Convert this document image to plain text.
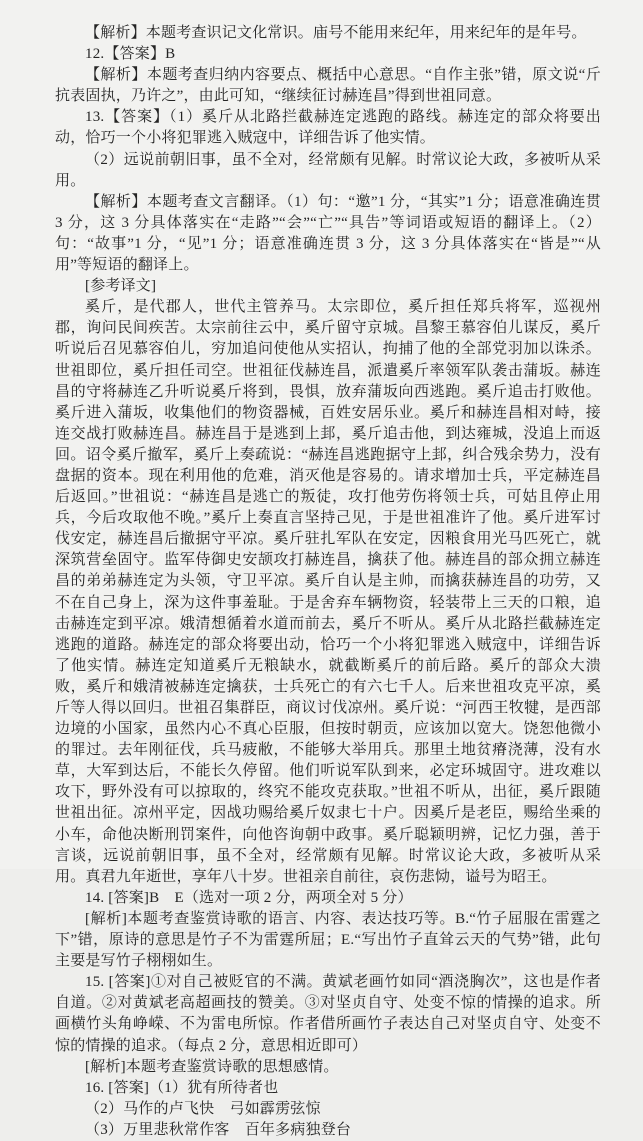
【解析】本题考查识记文化常识。庙号不能用来纪年，用来纪年的是年号。

12.【答案】B

【解析】本题考查归纳内容要点、概括中心意思。“自作主张”错，原文说“斤抗表固执，乃许之”，由此可知，“继续征讨赫连昌”得到世祖同意。

13.【答案】（1）奚斤从北路拦截赫连定逃跑的路线。赫连定的部众将要出动，恰巧一个小将犯罪逃入贼寇中，详细告诉了他实情。

（2）远说前朝旧事，虽不全对，经常颇有见解。时常议论大政，多被听从采用。

【解析】本题考查文言翻译。（1）句：“邀”1 分，“其实”1 分；语意准确连贯 3 分，这 3 分具体落实在“走路”“会”“亡”“具告”等词语或短语的翻译上。（2）句：“故事”1 分，“见”1 分；语意准确连贯 3 分，这 3 分具体落实在“皆是”“从用”等短语的翻译上。

[参考译文]

奚斤，是代郡人，世代主管养马。太宗即位，奚斤担任郑兵将军，巡视州郡，询问民间疾苦。太宗前往云中，奚斤留守京城。昌黎王慕容伯儿谋反，奚斤听说后召见慕容伯儿，穷加追问使他从实招认，拘捕了他的全部党羽加以诛杀。世祖即位，奚斤担任司空。世祖征伐赫连昌，派遣奚斤率领军队袭击蒲坂。赫连昌的守将赫连乙升听说奚斤将到，畏惧，放弃蒲坂向西逃跑。奚斤追击打败他。奚斤进入蒲坂，收集他们的物资器械，百姓安居乐业。奚斤和赫连昌相对峙，接连交战打败赫连昌。赫连昌于是逃到上邽，奚斤追击他，到达雍城，没追上而返回。诏令奚斤撤军，奚斤上奏疏说：“赫连昌逃跑据守上邽，纠合残余势力，没有盘据的资本。现在利用他的危难，消灭他是容易的。请求增加士兵，平定赫连昌后返回。”世祖说：“赫连昌是逃亡的叛徒，攻打他劳伤将领士兵，可姑且停止用兵，今后攻取他不晚。”奚斤上奏直言坚持己见，于是世祖准许了他。奚斤进军讨伐安定，赫连昌后撤据守平凉。奚斤驻扎军队在安定，因粮食用光马匹死亡，就深筑营垒固守。监军侍御史安颉攻打赫连昌，擒获了他。赫连昌的部众拥立赫连昌的弟弟赫连定为头领，守卫平凉。奚斤自认是主帅，而擒获赫连昌的功劳，又不在自己身上，深为这件事羞耻。于是舍弃车辆物资，轻装带上三天的口粮，追击赫连定到平凉。娥清想循着水道而前去，奚斤不听从。奚斤从北路拦截赫连定逃跑的道路。赫连定的部众将要出动，恰巧一个小将犯罪逃入贼寇中，详细告诉了他实情。赫连定知道奚斤无粮缺水，就截断奚斤的前后路。奚斤的部众大溃败，奚斤和娥清被赫连定擒获，士兵死亡的有六七千人。后来世祖攻克平凉，奚斤等人得以回归。世祖召集群臣，商议讨伐凉州。奚斤说：“河西王牧犍，是西部边境的小国家，虽然内心不真心臣服，但按时朝贡，应该加以宽大。饶恕他微小的罪过。去年刚征伐，兵马疲敝，不能够大举用兵。那里土地贫瘠浇薄，没有水草，大军到达后，不能长久停留。他们听说军队到来，必定环城固守。进攻难以攻下，野外没有可以掠取的，终究不能攻克获取。”世祖不听从，出征，奚斤跟随世祖出征。凉州平定，因战功赐给奚斤奴隶七十户。因奚斤是老臣，赐给坐乘的小车，命他决断刑罚案件，向他咨询朝中政事。奚斤聪颖明辨，记忆力强，善于言谈，远说前朝旧事，虽不全对，经常颇有见解。时常议论大政，多被听从采用。真君九年逝世，享年八十岁。世祖亲自前往，哀伤悲恸，谥号为昭王。

14. [答案]B　E（选对一项 2 分，两项全对 5 分）

[解析]本题考查鉴赏诗歌的语言、内容、表达技巧等。B.“竹子屈服在雷霆之下”错，原诗的意思是竹子不为雷霆所屈；E.“写出竹子直耸云天的气势”错，此句主要是写竹子栩栩如生。

15. [答案]①对自己被贬官的不满。黄斌老画竹如同“酒浇胸次”，这也是作者自道。②对黄斌老高超画技的赞美。③对坚贞自守、处变不惊的情操的追求。所画横竹头角峥嵘、不为雷电所惊。作者借所画竹子表达自己对坚贞自守、处变不惊的情操的追求。（每点 2 分，意思相近即可）

[解析]本题考查鉴赏诗歌的思想感情。

16. [答案]（1）犹有所待者也

（2）马作的卢飞快　弓如霹雳弦惊

（3）万里悲秋常作客　百年多病独登台
